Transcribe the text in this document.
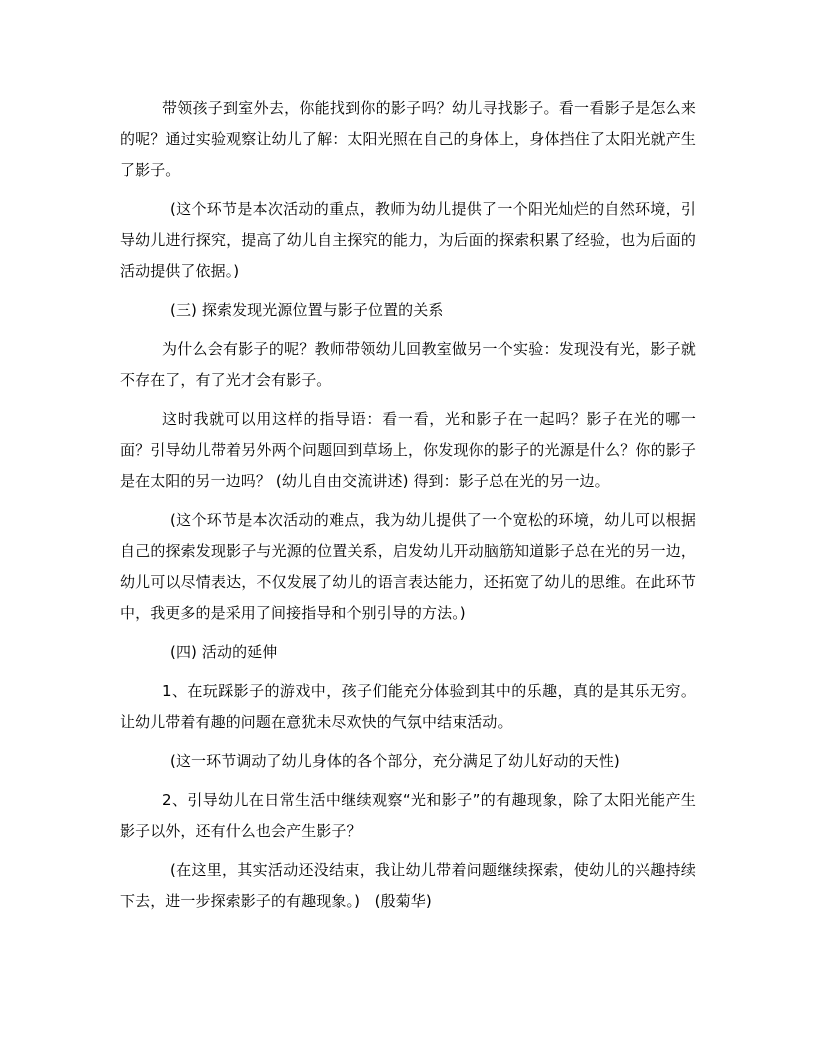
带领孩子到室外去，你能找到你的影子吗？幼儿寻找影子。看一看影子是怎么来的呢？通过实验观察让幼儿了解：太阳光照在自己的身体上，身体挡住了太阳光就产生了影子。

(这个环节是本次活动的重点，教师为幼儿提供了一个阳光灿烂的自然环境，引导幼儿进行探究，提高了幼儿自主探究的能力，为后面的探索积累了经验，也为后面的活动提供了依据。)

(三) 探索发现光源位置与影子位置的关系

为什么会有影子的呢？教师带领幼儿回教室做另一个实验：发现没有光，影子就不存在了，有了光才会有影子。

这时我就可以用这样的指导语：看一看，光和影子在一起吗？影子在光的哪一面？引导幼儿带着另外两个问题回到草场上，你发现你的影子的光源是什么？你的影子是在太阳的另一边吗？ (幼儿自由交流讲述) 得到：影子总在光的另一边。

(这个环节是本次活动的难点，我为幼儿提供了一个宽松的环境，幼儿可以根据自己的探索发现影子与光源的位置关系，启发幼儿开动脑筋知道影子总在光的另一边，幼儿可以尽情表达，不仅发展了幼儿的语言表达能力，还拓宽了幼儿的思维。在此环节中，我更多的是采用了间接指导和个别引导的方法。)

(四) 活动的延伸

1、在玩踩影子的游戏中，孩子们能充分体验到其中的乐趣，真的是其乐无穷。让幼儿带着有趣的问题在意犹未尽欢快的气氛中结束活动。

(这一环节调动了幼儿身体的各个部分，充分满足了幼儿好动的天性)

2、引导幼儿在日常生活中继续观察“光和影子”的有趣现象，除了太阳光能产生影子以外，还有什么也会产生影子？

(在这里，其实活动还没结束，我让幼儿带着问题继续探索，使幼儿的兴趣持续下去，进一步探索影子的有趣现象。)   (殷菊华)
